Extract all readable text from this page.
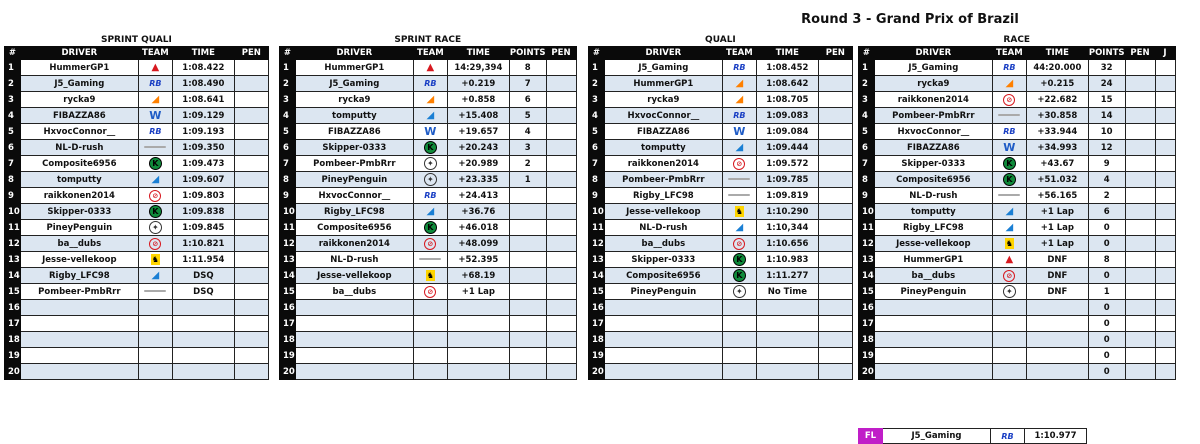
Round 3 - Grand Prix of Brazil
SPRINT QUALI
#	DRIVER	TEAM	TIME	PEN
1	HummerGP1	▲	1:08.422	
2	J5_Gaming	RB	1:08.490	
3	rycka9	◢	1:08.641	
4	FIBAZZA86	W	1:09.129	
5	HxvocConnor__	RB	1:09.193	
6	NL-D-rush		1:09.350	
7	Composite6956	K	1:09.473	
8	tomputty	◢	1:09.607	
9	raikkonen2014	⊘	1:09.803	
10	Skipper-0333	K	1:09.838	
11	PineyPenguin	✦	1:09.845	
12	ba__dubs	⊘	1:10.821	
13	Jesse-vellekoop	♞	1:11.954	
14	Rigby_LFC98	◢	DSQ	
15	Pombeer-PmbRrr		DSQ	
16				
17				
18				
19				
20				
SPRINT RACE
#	DRIVER	TEAM	TIME	POINTS	PEN
1	HummerGP1	▲	14:29,394	8	
2	J5_Gaming	RB	+0.219	7	
3	rycka9	◢	+0.858	6	
4	tomputty	◢	+15.408	5	
5	FIBAZZA86	W	+19.657	4	
6	Skipper-0333	K	+20.243	3	
7	Pombeer-PmbRrr	✦	+20.989	2	
8	PineyPenguin	✦	+23.335	1	
9	HxvocConnor__	RB	+24.413		
10	Rigby_LFC98	◢	+36.76		
11	Composite6956	K	+46.018		
12	raikkonen2014	⊘	+48.099		
13	NL-D-rush		+52.395		
14	Jesse-vellekoop	♞	+68.19		
15	ba__dubs	⊘	+1 Lap		
16					
17					
18					
19					
20					
QUALI
#	DRIVER	TEAM	TIME	PEN
1	J5_Gaming	RB	1:08.452	
2	HummerGP1	◢	1:08.642	
3	rycka9	◢	1:08.705	
4	HxvocConnor__	RB	1:09.083	
5	FIBAZZA86	W	1:09.084	
6	tomputty	◢	1:09.444	
7	raikkonen2014	⊘	1:09.572	
8	Pombeer-PmbRrr		1:09.785	
9	Rigby_LFC98		1:09.819	
10	Jesse-vellekoop	♞	1:10.290	
11	NL-D-rush	◢	1:10,344	
12	ba__dubs	⊘	1:10.656	
13	Skipper-0333	K	1:10.983	
14	Composite6956	K	1:11.277	
15	PineyPenguin	✦	No Time	
16				
17				
18				
19				
20				
RACE
#	DRIVER	TEAM	TIME	POINTS	PEN	J
1	J5_Gaming	RB	44:20.000	32		
2	rycka9	◢	+0.215	24		
3	raikkonen2014	⊘	+22.682	15		
4	Pombeer-PmbRrr		+30.858	14		
5	HxvocConnor__	RB	+33.944	10		
6	FIBAZZA86	W	+34.993	12		
7	Skipper-0333	K	+43.67	9		
8	Composite6956	K	+51.032	4		
9	NL-D-rush		+56.165	2		
10	tomputty	◢	+1 Lap	6		
11	Rigby_LFC98	◢	+1 Lap	0		
12	Jesse-vellekoop	♞	+1 Lap	0		
13	HummerGP1	▲	DNF	8		
14	ba__dubs	⊘	DNF	0		
15	PineyPenguin	✦	DNF	1		
16				0		
17				0		
18				0		
19				0		
20				0		
FL	J5_Gaming	RB	1:10.977
